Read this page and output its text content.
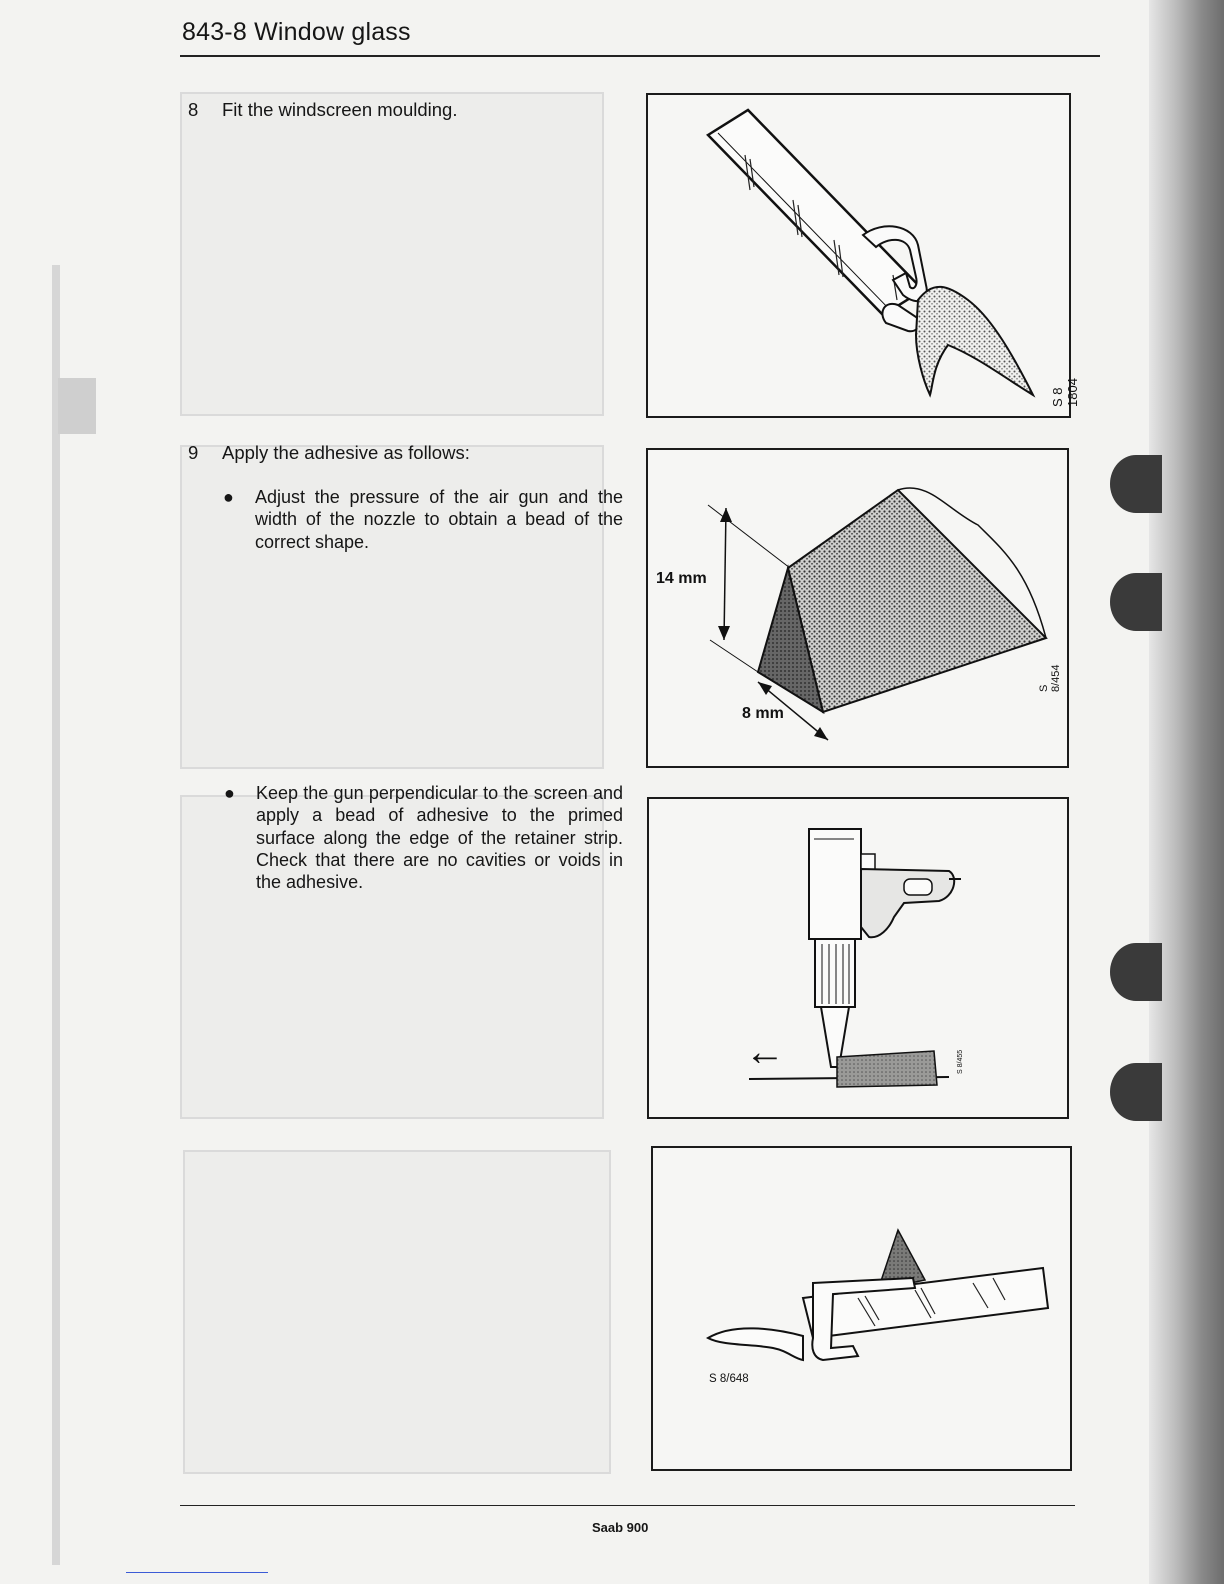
843-8 Window glass
8 Fit the windscreen moulding.
9 Apply the adhesive as follows:
● Adjust the pressure of the air gun and the width of the nozzle to obtain a bead of the correct shape.
● Keep the gun perpendicular to the screen and apply a bead of adhesive to the primed surface along the edge of the retainer strip. Check that there are no cavities or voids in the adhesive.
S 8 1804
14 mm
8 mm
S 8/454
←	S 8/455
S 8/648
Saab 900
